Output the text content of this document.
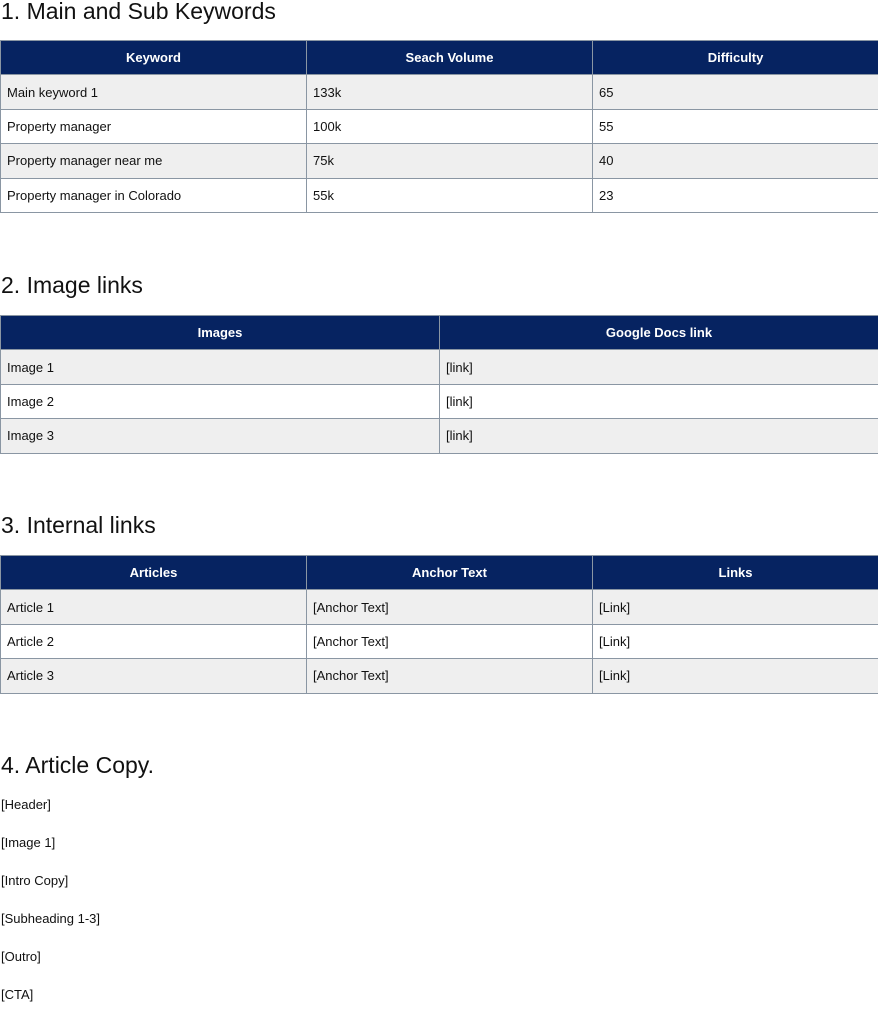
1. Main and Sub Keywords
Keyword	Seach Volume	Difficulty
Main keyword 1	133k	65
Property manager	100k	55
Property manager near me	75k	40
Property manager in Colorado	55k	23
2. Image links
Images	Google Docs link
Image 1	[link]
Image 2	[link]
Image 3	[link]
3. Internal links
Articles	Anchor Text	Links
Article 1	[Anchor Text]	[Link]
Article 2	[Anchor Text]	[Link]
Article 3	[Anchor Text]	[Link]
4. Article Copy.

[Header]

[Image 1]

[Intro Copy]

[Subheading 1-3]

[Outro]

[CTA]
